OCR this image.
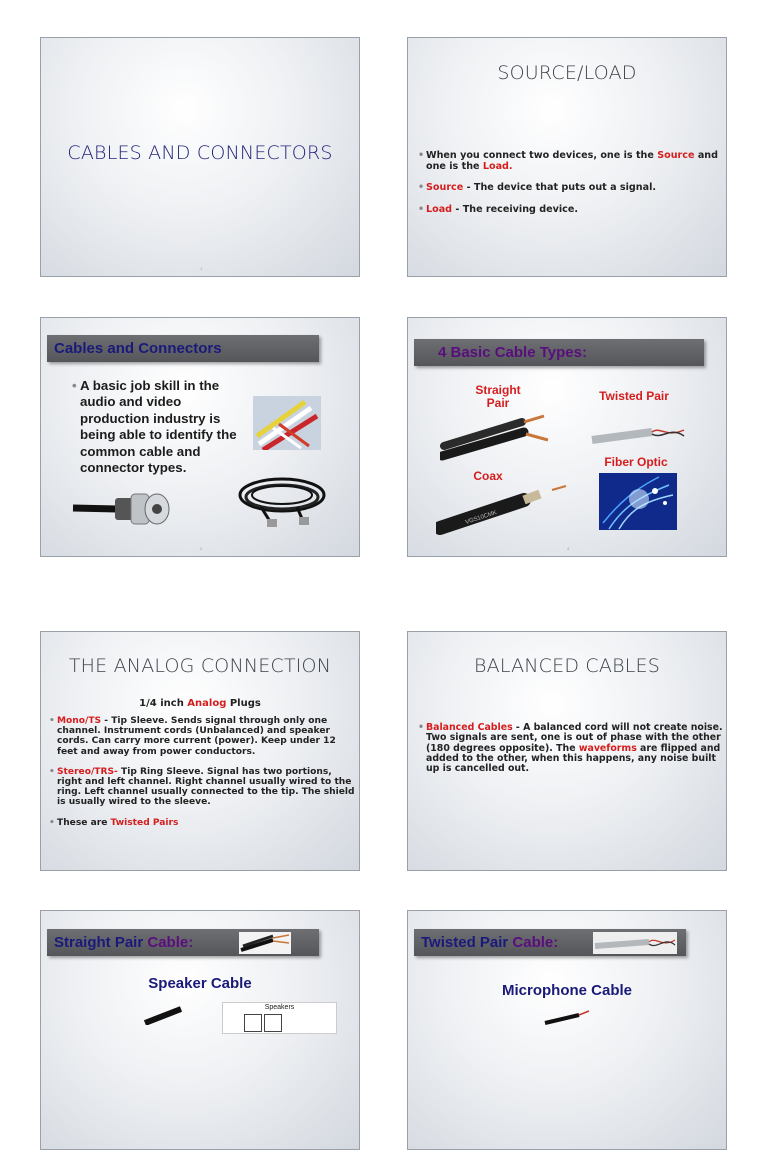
CABLES AND CONNECTORS
1
SOURCE/LOAD
• When you connect two devices, one is the Source and one is the Load.
• Source - The device that puts out a signal.
• Load - The receiving device.
Cables and Connectors
• A basic job skill in the audio and video production industry is being able to identify the common cable and connector types.
2
4 Basic Cable Types:
Straight Pair	Twisted Pair
Coax
Fiber Optic
VGS10CMK
4
THE ANALOG CONNECTION
1/4 inch Analog Plugs
• Mono/TS - Tip Sleeve. Sends signal through only one channel. Instrument cords (Unbalanced) and speaker cords. Can carry more current (power). Keep under 12 feet and away from power conductors.
• Stereo/TRS- Tip Ring Sleeve. Signal has two portions, right and left channel. Right channel usually wired to the ring. Left channel usually connected to the tip. The shield is usually wired to the sleeve.
• These are Twisted Pairs
BALANCED CABLES
• Balanced Cables - A balanced cord will not create noise. Two signals are sent, one is out of phase with the other (180 degrees opposite). The waveforms are flipped and added to the other, when this happens, any noise built up is cancelled out.
Straight Pair Cable:
Speaker Cable
Speakers
Twisted Pair Cable:
Microphone Cable
